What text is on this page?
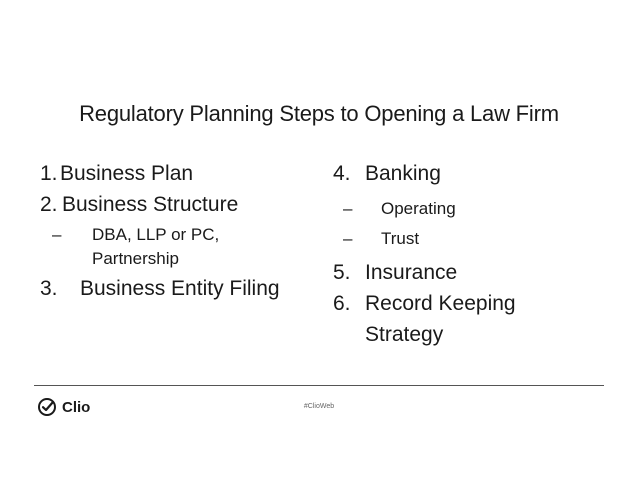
Regulatory Planning Steps to Opening a Law Firm
1. Business Plan
2. Business Structure
–	DBA, LLP or PC,
Partnership
3.	Business Entity Filing
4. Banking
–	Operating
–	Trust
5. Insurance
6. Record Keeping
Strategy
Clio	#ClioWeb
